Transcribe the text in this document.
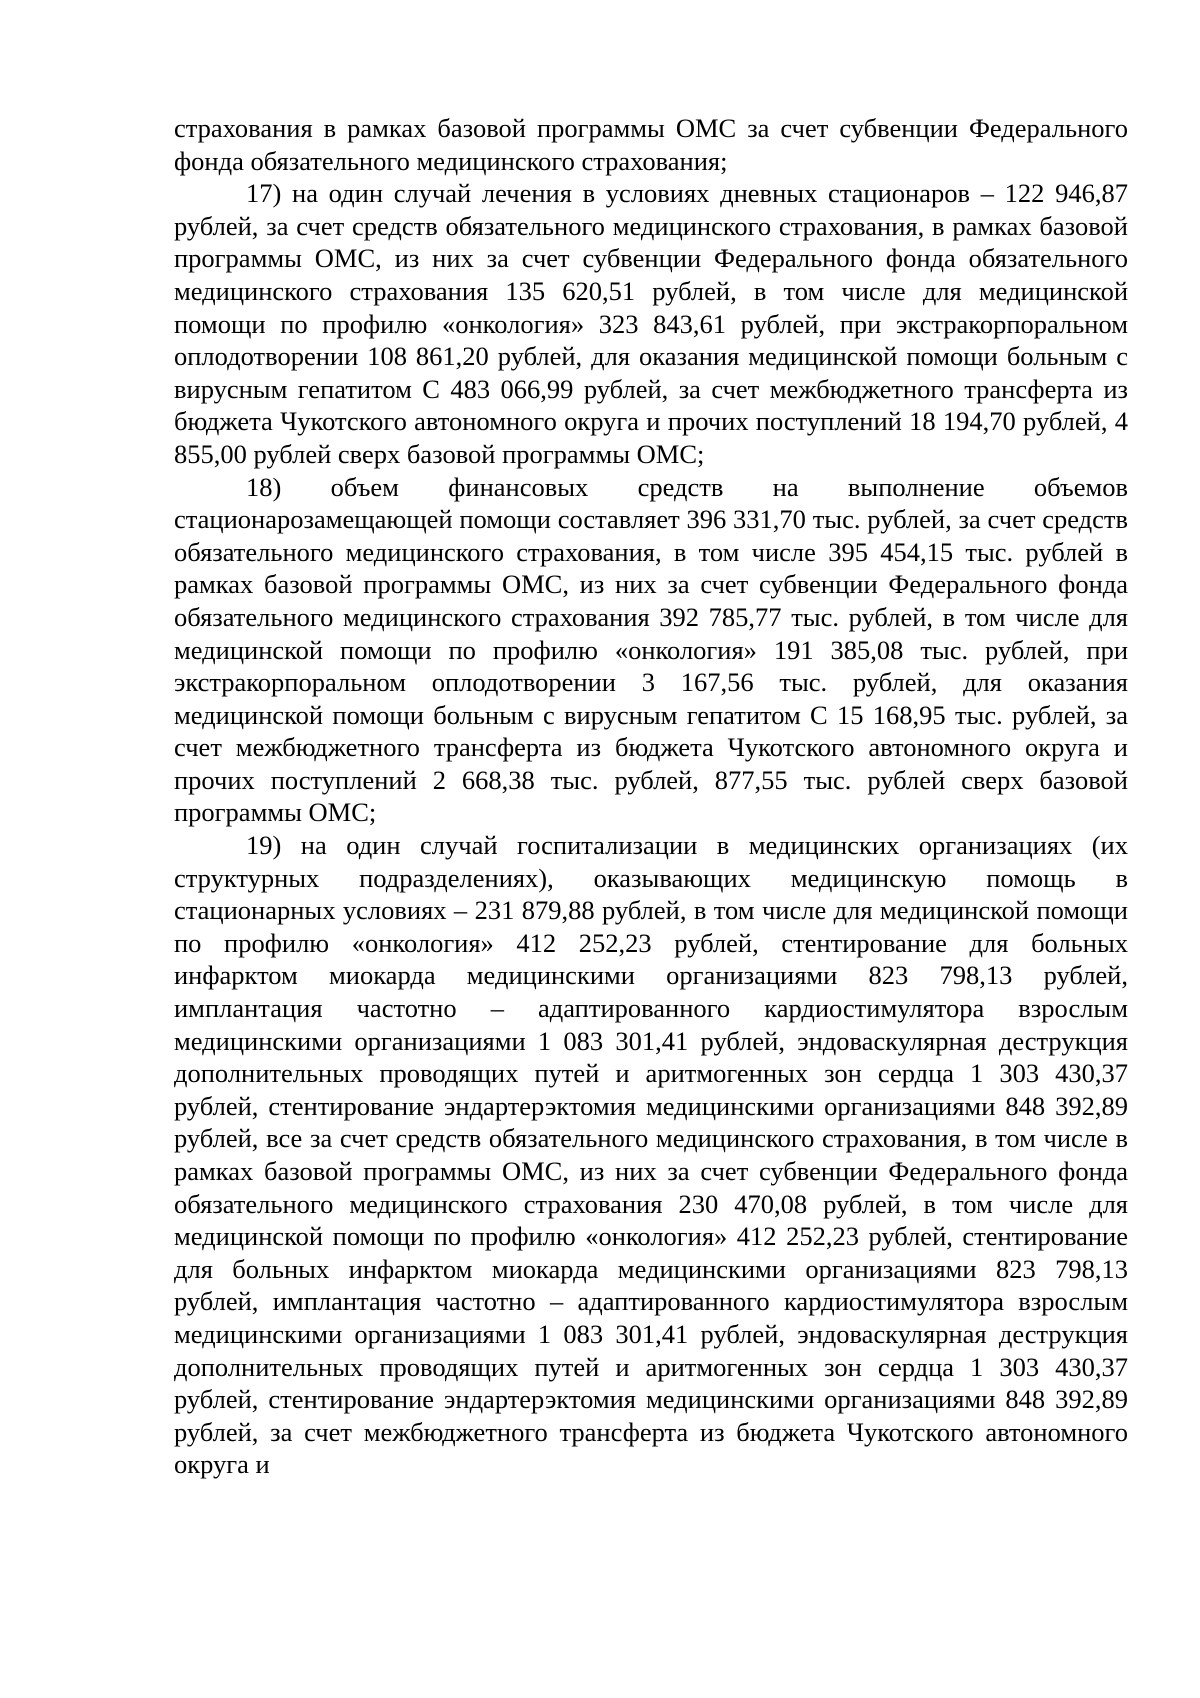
страхования в рамках базовой программы ОМС за счет субвенции Федерального фонда обязательного медицинского страхования;

17) на один случай лечения в условиях дневных стационаров – 122 946,87 рублей, за счет средств обязательного медицинского страхования, в рамках базовой программы ОМС, из них за счет субвенции Федерального фонда обязательного медицинского страхования 135 620,51 рублей, в том числе для медицинской помощи по профилю «онкология» 323 843,61 рублей, при экстракорпоральном оплодотворении 108 861,20 рублей, для оказания медицинской помощи больным с вирусным гепатитом С 483 066,99 рублей, за счет межбюджетного трансферта из бюджета Чукотского автономного округа и прочих поступлений 18 194,70 рублей, 4 855,00 рублей сверх базовой программы ОМС;

18) объем финансовых средств на выполнение объемов стационарозамещающей помощи составляет 396 331,70 тыс. рублей, за счет средств обязательного медицинского страхования, в том числе 395 454,15 тыс. рублей в рамках базовой программы ОМС, из них за счет субвенции Федерального фонда обязательного медицинского страхования 392 785,77 тыс. рублей, в том числе для медицинской помощи по профилю «онкология» 191 385,08 тыс. рублей, при экстракорпоральном оплодотворении 3 167,56 тыс. рублей, для оказания медицинской помощи больным с вирусным гепатитом С 15 168,95 тыс. рублей, за счет межбюджетного трансферта из бюджета Чукотского автономного округа и прочих поступлений 2 668,38 тыс. рублей, 877,55 тыс. рублей сверх базовой программы ОМС;

19) на один случай госпитализации в медицинских организациях (их структурных подразделениях), оказывающих медицинскую помощь в стационарных условиях – 231 879,88 рублей, в том числе для медицинской помощи по профилю «онкология» 412 252,23 рублей, стентирование для больных инфарктом миокарда медицинскими организациями 823 798,13 рублей, имплантация частотно – адаптированного кардиостимулятора взрослым медицинскими организациями 1 083 301,41 рублей, эндоваскулярная деструкция дополнительных проводящих путей и аритмогенных зон сердца 1 303 430,37 рублей, стентирование эндартерэктомия медицинскими организациями 848 392,89 рублей, все за счет средств обязательного медицинского страхования, в том числе в рамках базовой программы ОМС, из них за счет субвенции Федерального фонда обязательного медицинского страхования 230 470,08 рублей, в том числе для медицинской помощи по профилю «онкология» 412 252,23 рублей, стентирование для больных инфарктом миокарда медицинскими организациями 823 798,13 рублей, имплантация частотно – адаптированного кардиостимулятора взрослым медицинскими организациями 1 083 301,41 рублей, эндоваскулярная деструкция дополнительных проводящих путей и аритмогенных зон сердца 1 303 430,37 рублей, стентирование эндартерэктомия медицинскими организациями 848 392,89 рублей, за счет межбюджетного трансферта из бюджета Чукотского автономного округа и
